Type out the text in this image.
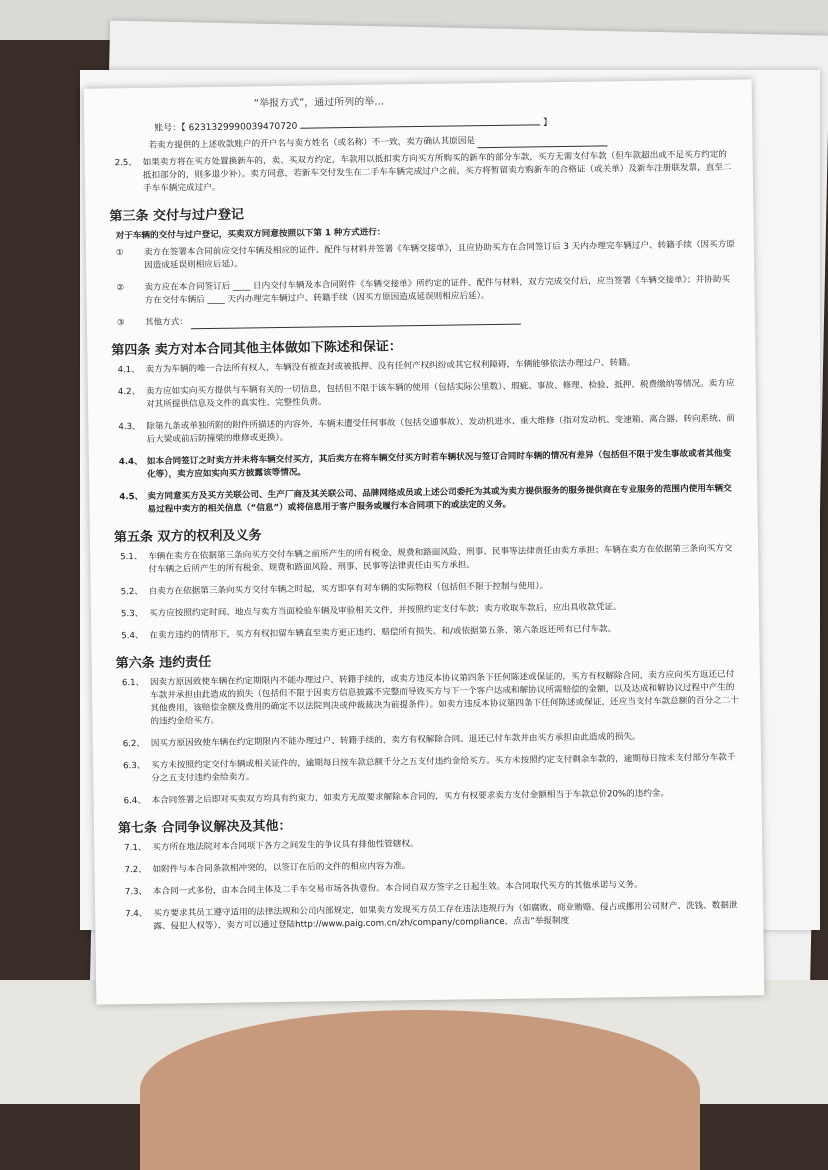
“举报方式”，通过所列的举…
账号：【 6231329990039470720	】
若卖方提供的上述收款账户的开户名与卖方姓名（或名称）不一致，卖方确认其原因是
2.5、 如果卖方将在买方处置换新车的，卖、买双方约定，车款用以抵扣卖方向买方所购买的新车的部分车款，买方无需支付车款（但车款超出或不足买方约定的抵扣部分的，则多退少补）。卖方同意，若新车交付发生在二手车车辆完成过户之前，买方将暂留卖方购新车的合格证（或关单）及新车注册联发票，直至二手车车辆完成过户。
第三条 交付与过户登记
对于车辆的交付与过户登记，买卖双方同意按照以下第 1 种方式进行：
①	卖方在签署本合同前应交付车辆及相应的证件、配件与材料并签署《车辆交接单》，且应协助买方在合同签订后 3 天内办理完车辆过户、转籍手续（因买方原因造成延误则相应后延）。
②	卖方应在本合同签订后 ____ 日内交付车辆及本合同附件《车辆交接单》所约定的证件、配件与材料，双方完成交付后，应当签署《车辆交接单》；并协助买方在交付车辆后 ____ 天内办理完车辆过户、转籍手续（因买方原因造成延误则相应后延）。
③	其他方式：
第四条 卖方对本合同其他主体做如下陈述和保证：
4.1、 卖方为车辆的唯一合法所有权人，车辆没有被查封或被抵押、没有任何产权纠纷或其它权利障碍，车辆能够依法办理过户、转籍。
4.2、 卖方应如实向买方提供与车辆有关的一切信息，包括但不限于该车辆的使用（包括实际公里数）、瑕疵、事故、修理、检验、抵押、税费缴纳等情况。卖方应对其所提供信息及文件的真实性、完整性负责。
4.3、 除第九条或单独所附的附件所描述的内容外，车辆未遭受任何事故（包括交通事故）、发动机进水、重大维修（指对发动机、变速箱、离合器、转向系统、前后大梁或前后防撞梁的维修或更换）。
4.4、 如本合同签订之时卖方并未将车辆交付买方，其后卖方在将车辆交付买方时若车辆状况与签订合同时车辆的情况有差异（包括但不限于发生事故或者其他变化等），卖方应如实向买方披露该等情况。
4.5、 卖方同意买方及买方关联公司、生产厂商及其关联公司、品牌网络成员或上述公司委托为其或为卖方提供服务的服务提供商在专业服务的范围内使用车辆交易过程中卖方的相关信息（“信息”）或将信息用于客户服务或履行本合同项下的或法定的义务。
第五条 双方的权利及义务
5.1、 车辆在卖方在依据第三条向买方交付车辆之前所产生的所有税金、规费和路面风险、刑事、民事等法律责任由卖方承担；车辆在卖方在依据第三条向买方交付车辆之后所产生的所有税金、规费和路面风险、刑事、民事等法律责任由买方承担。
5.2、 自卖方在依据第三条向买方交付车辆之时起，买方即享有对车辆的实际物权（包括但不限于控制与使用）。
5.3、 买方应按照约定时间、地点与卖方当面检验车辆及审验相关文件，并按照约定支付车款；卖方收取车款后，应出具收款凭证。
5.4、 在卖方违约的情形下，买方有权扣留车辆直至卖方更正违约、赔偿所有损失、和/或依据第五条、第六条返还所有已付车款。
第六条 违约责任
6.1、 因卖方原因致使车辆在约定期限内不能办理过户、转籍手续的，或卖方违反本协议第四条下任何陈述或保证的，买方有权解除合同，卖方应向买方返还已付车款并承担由此造成的损失（包括但不限于因卖方信息披露不完整而导致买方与下一个客户达成和解协议所需赔偿的金额，以及达成和解协议过程中产生的其他费用，该赔偿金额及费用的确定不以法院判决或仲裁裁决为前提条件）。如卖方违反本协议第四条下任何陈述或保证，还应当支付车款总额的百分之二十的违约金给买方。
6.2、 因买方原因致使车辆在约定期限内不能办理过户、转籍手续的，卖方有权解除合同、退还已付车款并由买方承担由此造成的损失。
6.3、 买方未按照约定交付车辆或相关证件的，逾期每日按车款总额千分之五支付违约金给买方。买方未按照约定支付剩余车款的，逾期每日按未支付部分车款千分之五支付违约金给卖方。
6.4、 本合同签署之后即对买卖双方均具有约束力，如卖方无故要求解除本合同的，买方有权要求卖方支付金额相当于车款总价20%的违约金。
第七条 合同争议解决及其他：
7.1、 买方所在地法院对本合同项下各方之间发生的争议具有排他性管辖权。
7.2、 如附件与本合同条款相冲突的，以签订在后的文件的相应内容为准。
7.3、 本合同一式多份，由本合同主体及二手车交易市场各执壹份。本合同自双方签字之日起生效。本合同取代买方的其他承诺与义务。
7.4、 买方要求其员工遵守适用的法律法规和公司内部规定，如果卖方发现买方员工存在违法违规行为（如腐败、商业贿赂、侵占或挪用公司财产、洗钱、数据泄露、侵犯人权等），卖方可以通过登陆http://www.paig.com.cn/zh/company/compliance，点击“举报制度
